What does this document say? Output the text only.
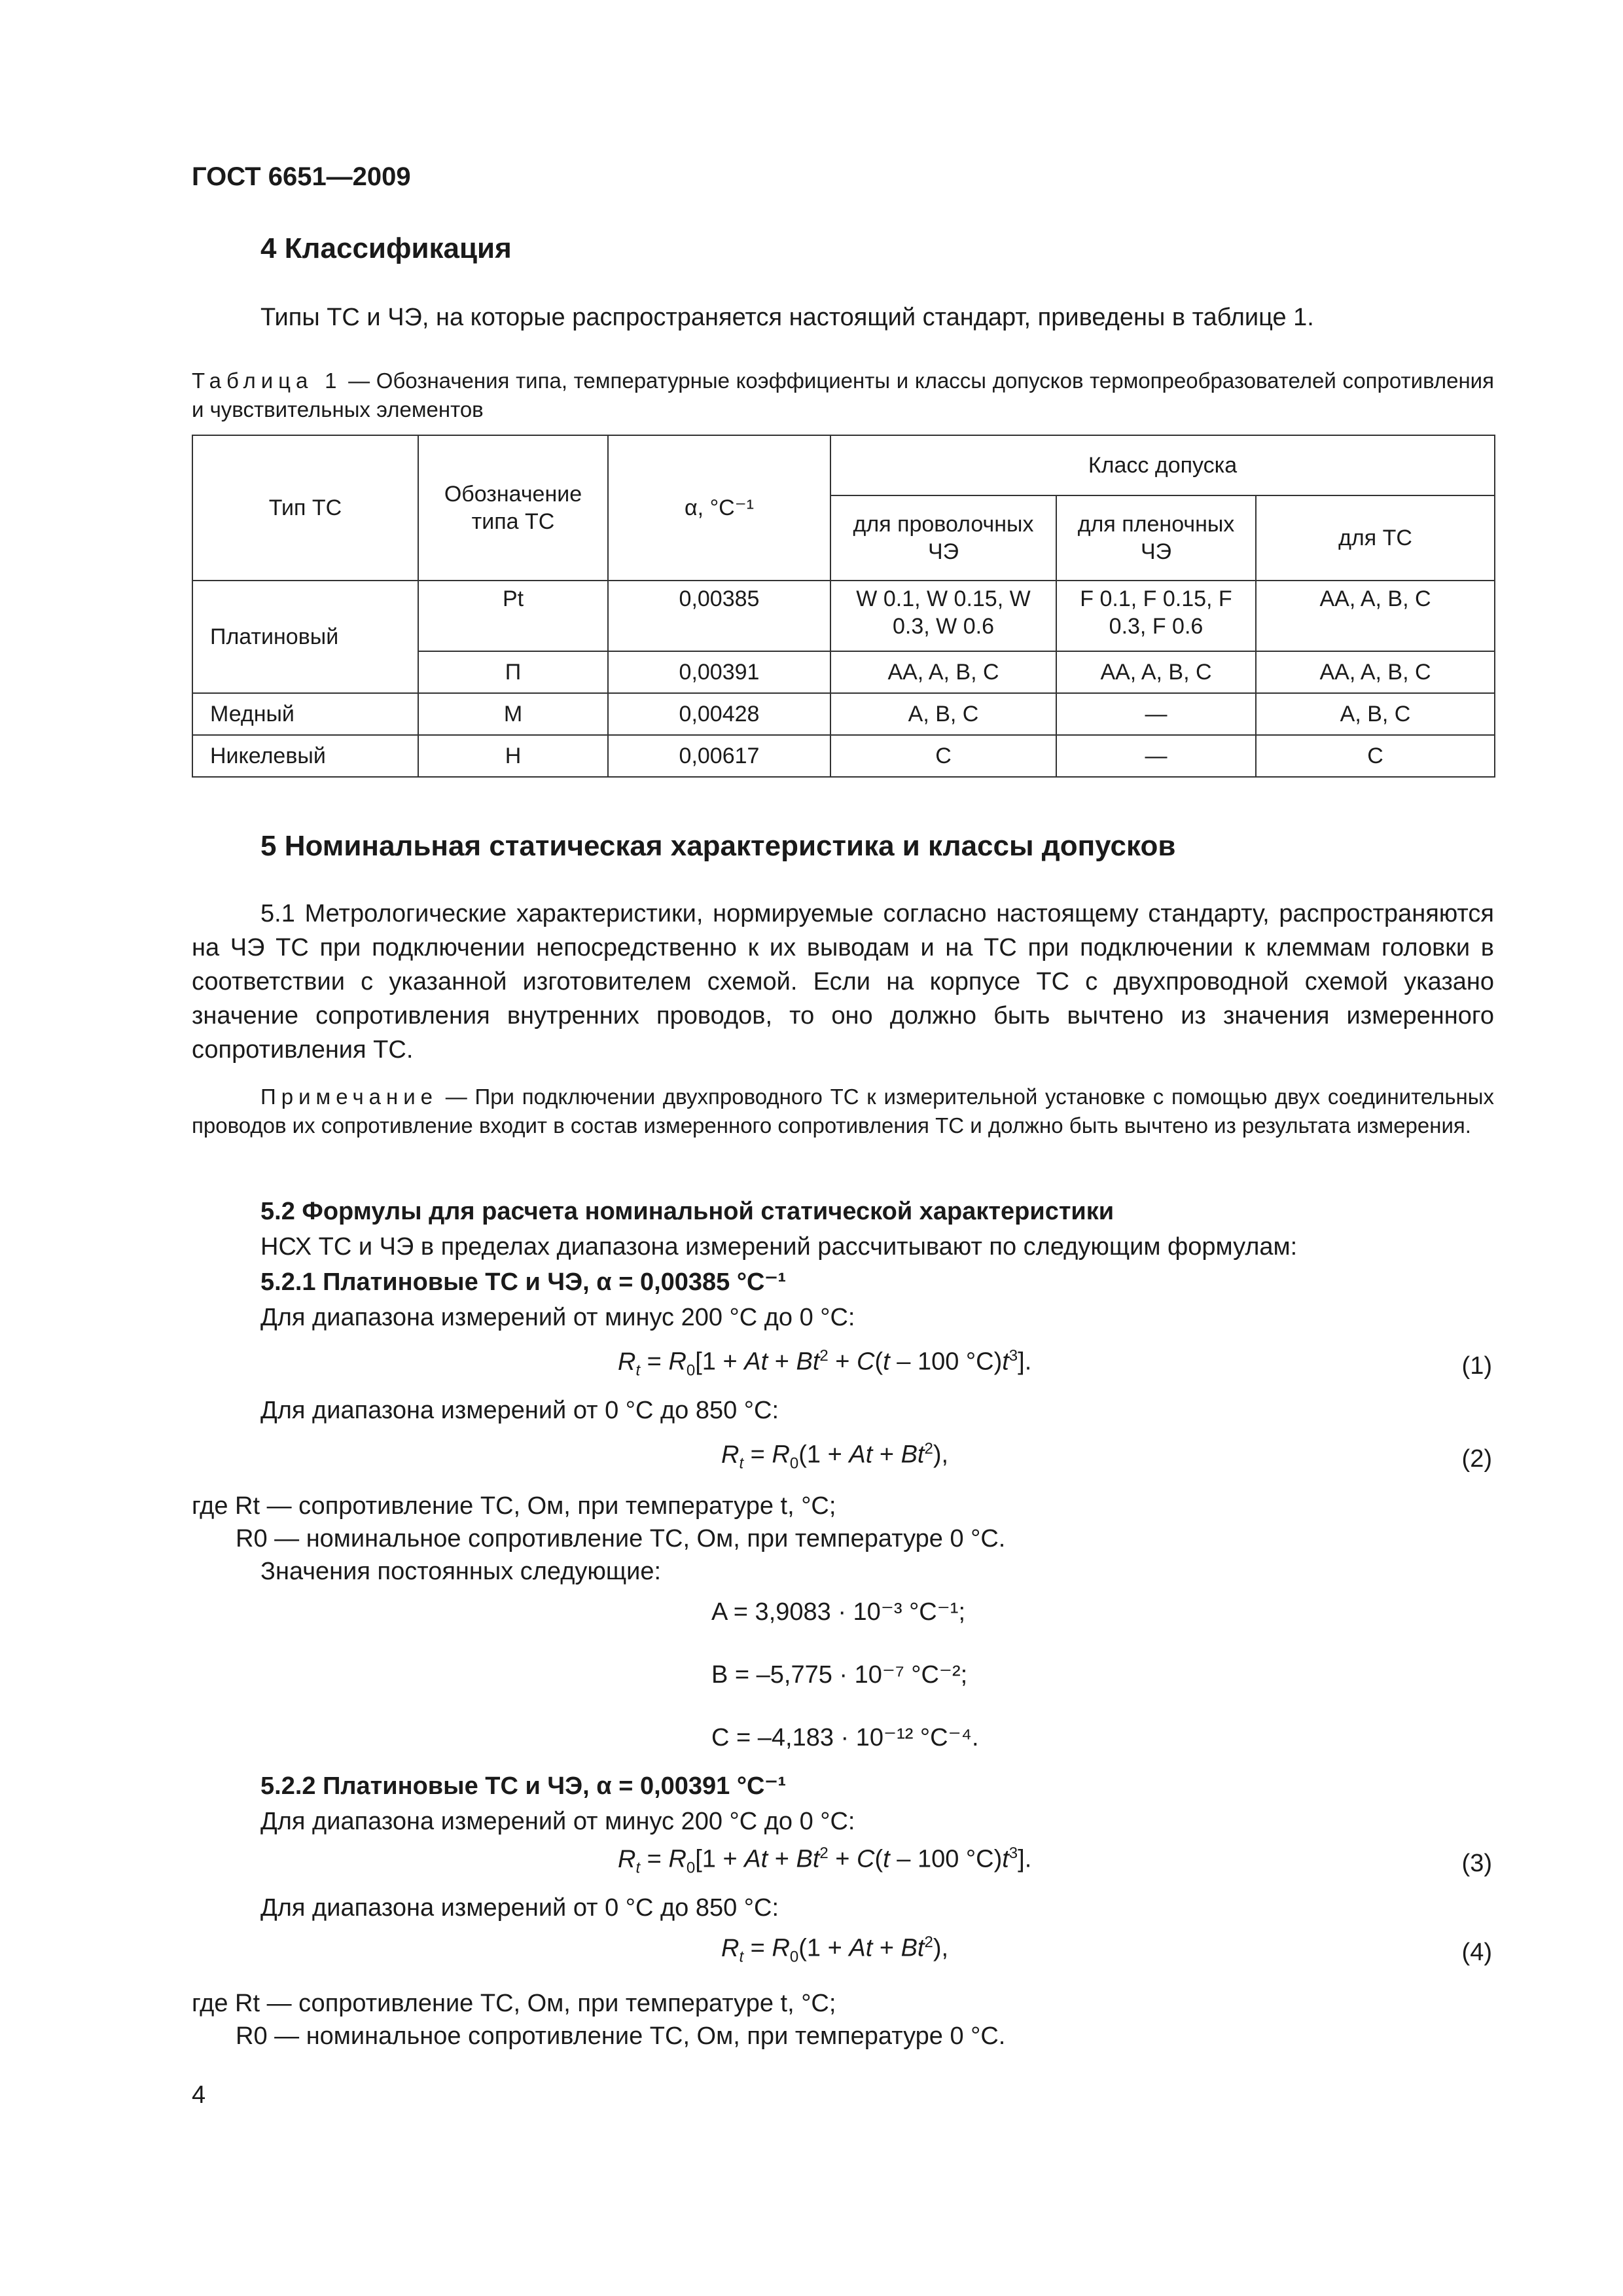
ГОСТ 6651—2009
4 Классификация
Типы ТС и ЧЭ, на которые распространяется настоящий стандарт, приведены в таблице 1.
Таблица 1 — Обозначения типа, температурные коэффициенты и классы допусков термопреобразователей сопротивления и чувствительных элементов
Тип ТС	Обозначение типа ТС	α, °С⁻¹	Класс допуска		
			для проволочных ЧЭ	для пленочных ЧЭ	для ТС
Платиновый	Pt	0,00385	W 0.1, W 0.15, W 0.3, W 0.6	F 0.1, F 0.15, F 0.3, F 0.6	AA, A, B, C
	П	0,00391	AA, A, B, C	AA, A, B, C	AA, A, B, C
Медный	М	0,00428	A, B, C	—	A, B, C
Никелевый	Н	0,00617	C	—	C
5 Номинальная статическая характеристика и классы допусков
5.1 Метрологические характеристики, нормируемые согласно настоящему стандарту, распространяются на ЧЭ ТС при подключении непосредственно к их выводам и на ТС при подключении к клеммам головки в соответствии с указанной изготовителем схемой. Если на корпусе ТС с двухпроводной схемой указано значение сопротивления внутренних проводов, то оно должно быть вычтено из значения измеренного сопротивления ТС.
Примечание — При подключении двухпроводного ТС к измерительной установке с помощью двух соединительных проводов их сопротивление входит в состав измеренного сопротивления ТС и должно быть вычтено из результата измерения.
5.2 Формулы для расчета номинальной статической характеристики
НСХ ТС и ЧЭ в пределах диапазона измерений рассчитывают по следующим формулам:
5.2.1 Платиновые ТС и ЧЭ, α = 0,00385 °С⁻¹
Для диапазона измерений от минус 200 °С до 0 °С:
$R_t = R_0[1 + At + Bt^2 + C(t - 100$ $^\circ С)t^3$].	(1)
Для диапазона измерений от 0 °С до 850 °С:
$R_t = R_0(1 + At + Bt^2)$,	(2)
где Rt — сопротивление ТС, Ом, при температуре t, °С;
R0 — номинальное сопротивление ТС, Ом, при температуре 0 °С.
Значения постоянных следующие:
A = 3,9083 · 10⁻³ °С⁻¹;
B = –5,775 · 10⁻⁷ °С⁻²;
C = –4,183 · 10⁻¹² °С⁻⁴.
5.2.2 Платиновые ТС и ЧЭ, α = 0,00391 °С⁻¹
Для диапазона измерений от минус 200 °С до 0 °С:
$R_t = R_0[1 + At + Bt^2 + C(t - 100$ $^\circ С)t^3$].	(3)
Для диапазона измерений от 0 °С до 850 °С:
$R_t = R_0(1 + At + Bt^2)$,	(4)
где Rt — сопротивление ТС, Ом, при температуре t, °С;
R0 — номинальное сопротивление ТС, Ом, при температуре 0 °С.
4
